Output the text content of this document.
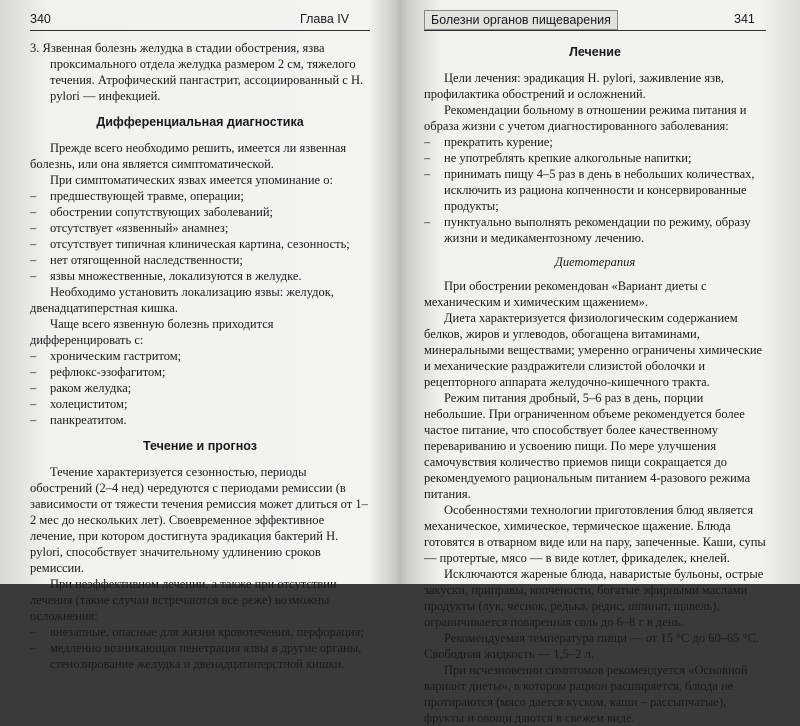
340	Глава IV

3. Язвенная болезнь желудка в стадии обострения, язва проксимального отдела желудка размером 2 см, тяжелого течения. Атрофический пангастрит, ассоциированный с H. pylori — инфекцией.

Дифференциальная диагностика

Прежде всего необходимо решить, имеется ли язвенная болезнь, или она является симптоматической.

При симптоматических язвах имеется упоминание о:

– предшествующей травме, операции;
– обострении сопутствующих заболеваний;
– отсутствует «язвенный» анамнез;
– отсутствует типичная клиническая картина, сезонность;
– нет отягощенной наследственности;
– язвы множественные, локализуются в желудке.

Необходимо установить локализацию язвы: желудок, двенадцатиперстная кишка.

Чаще всего язвенную болезнь приходится дифференцировать с:

– хроническим гастритом;
– рефлюкс-эзофагитом;
– раком желудка;
– холециститом;
– панкреатитом.
Течение и прогноз

Течение характеризуется сезонностью, периоды обострений (2–4 нед) чередуются с периодами ремиссии (в зависимости от тяжести течения ремиссия может длиться от 1–2 мес до нескольких лет). Своевременное эффективное лечение, при котором достигнута эрадикация бактерий H. pylori, способствует значительному удлинению сроков ремиссии.

При неэффективном лечении, а также при отсутствии лечения (такие случаи встречаются все реже) возможны осложнения:

– внезапные, опасные для жизни кровотечения, перфорация;
– медленно возникающая пенетрация язвы в другие органы, стенозирование желудка и двенадцатиперстной кишки.
Болезни органов пищеварения	341
Лечение

Цели лечения: эрадикация H. pylori, заживление язв, профилактика обострений и осложнений.

Рекомендации больному в отношении режима питания и образа жизни с учетом диагностированного заболевания:

– прекратить курение;
– не употреблять крепкие алкогольные напитки;
– принимать пищу 4–5 раз в день в небольших количествах, исключить из рациона копченности и консервированные продукты;
– пунктуально выполнять рекомендации по режиму, образу жизни и медикаментозному лечению.
Диетотерапия

При обострении рекомендован «Вариант диеты с механическим и химическим щажением».

Диета характеризуется физиологическим содержанием белков, жиров и углеводов, обогащена витаминами, минеральными веществами; умеренно ограничены химические и механические раздражители слизистой оболочки и рецепторного аппарата желудочно-кишечного тракта.

Режим питания дробный, 5–6 раз в день, порции небольшие. При ограниченном объеме рекомендуется более частое питание, что способствует более качественному перевариванию и усвоению пищи. По мере улучшения самочувствия количество приемов пищи сокращается до рекомендуемого рациональным питанием 4-разового режима питания.

Особенностями технологии приготовления блюд является механическое, химическое, термическое щажение. Блюда готовятся в отварном виде или на пару, запеченные. Каши, супы — протертые, мясо — в виде котлет, фрикаделек, кнелей.

Исключаются жареные блюда, наваристые бульоны, острые закуски, приправы, копчености, богатые эфирными маслами продукты (лук, чеснок, редька, редис, шпинат, щавель), ограничивается поваренная соль до 6–8 г в день.

Рекомендуемая температура пищи — от 15 °С до 60–65 °С. Свободная жидкость — 1,5–2 л.

При исчезновении симптомов рекомендуется «Основной вариант диеты», в котором рацион расширяется, блюда не протираются (мясо дается куском, каши – рассыпчатые), фрукты и овощи даются в свежем виде.
